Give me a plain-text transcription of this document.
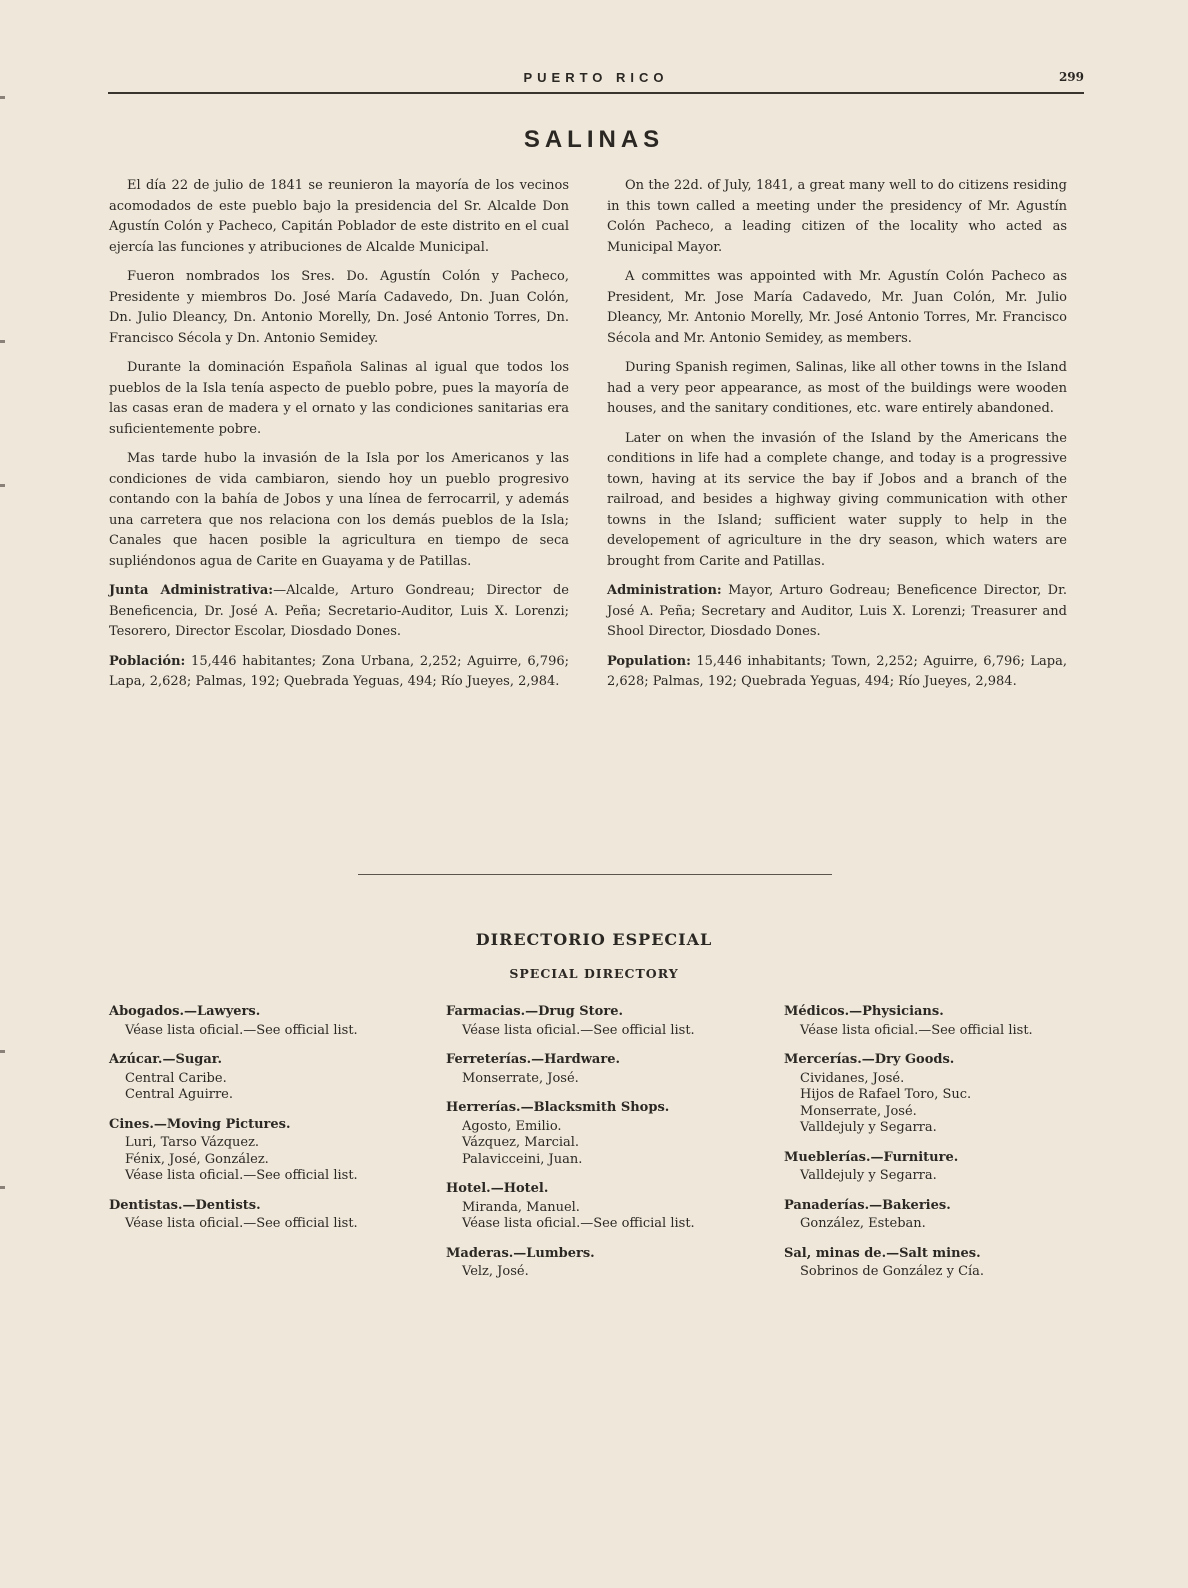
PUERTO RICO	299
SALINAS

El día 22 de julio de 1841 se reunieron la mayoría de los vecinos acomodados de este pueblo bajo la presidencia del Sr. Alcalde Don Agustín Colón y Pacheco, Capitán Poblador de este distrito en el cual ejercía las funciones y atribuciones de Alcalde Municipal.

Fueron nombrados los Sres. Do. Agustín Colón y Pacheco, Presidente y miembros Do. José María Cadavedo, Dn. Juan Colón, Dn. Julio Dleancy, Dn. Antonio Morelly, Dn. José Antonio Torres, Dn. Francisco Sécola y Dn. Antonio Semidey.

Durante la dominación Española Salinas al igual que todos los pueblos de la Isla tenía aspecto de pueblo pobre, pues la mayoría de las casas eran de madera y el ornato y las condiciones sanitarias era suficientemente pobre.

Mas tarde hubo la invasión de la Isla por los Americanos y las condiciones de vida cambiaron, siendo hoy un pueblo progresivo contando con la bahía de Jobos y una línea de ferrocarril, y además una carretera que nos relaciona con los demás pueblos de la Isla; Canales que hacen posible la agricultura en tiempo de seca supliéndonos agua de Carite en Guayama y de Patillas.

Junta Administrativa:—Alcalde, Arturo Gondreau; Director de Beneficencia, Dr. José A. Peña; Secretario-Auditor, Luis X. Lorenzi; Tesorero, Director Escolar, Diosdado Dones.

Población: 15,446 habitantes; Zona Urbana, 2,252; Aguirre, 6,796; Lapa, 2,628; Palmas, 192; Quebrada Yeguas, 494; Río Jueyes, 2,984.

On the 22d. of July, 1841, a great many well to do citizens residing in this town called a meeting under the presidency of Mr. Agustín Colón Pacheco, a leading citizen of the locality who acted as Municipal Mayor.

A committes was appointed with Mr. Agustín Colón Pacheco as President, Mr. Jose María Cadavedo, Mr. Juan Colón, Mr. Julio Dleancy, Mr. Antonio Morelly, Mr. José Antonio Torres, Mr. Francisco Sécola and Mr. Antonio Semidey, as members.

During Spanish regimen, Salinas, like all other towns in the Island had a very peor appearance, as most of the buildings were wooden houses, and the sanitary conditiones, etc. ware entirely abandoned.

Later on when the invasión of the Island by the Americans the conditions in life had a complete change, and today is a progressive town, having at its service the bay if Jobos and a branch of the railroad, and besides a highway giving communication with other towns in the Island; sufficient water supply to help in the developement of agriculture in the dry season, which waters are brought from Carite and Patillas.

Administration: Mayor, Arturo Godreau; Beneficence Director, Dr. José A. Peña; Secretary and Auditor, Luis X. Lorenzi; Treasurer and Shool Director, Diosdado Dones.

Population: 15,446 inhabitants; Town, 2,252; Aguirre, 6,796; Lapa, 2,628; Palmas, 192; Quebrada Yeguas, 494; Río Jueyes, 2,984.

DIRECTORIO ESPECIAL
SPECIAL DIRECTORY
Abogados.—Lawyers.
Véase lista oficial.—See official list.
Azúcar.—Sugar.
Central Caribe.
Central Aguirre.
Cines.—Moving Pictures.
Luri, Tarso Vázquez.
Fénix, José, González.
Véase lista oficial.—See official list.
Dentistas.—Dentists.
Véase lista oficial.—See official list.
Farmacias.—Drug Store.
Véase lista oficial.—See official list.
Ferreterías.—Hardware.
Monserrate, José.
Herrerías.—Blacksmith Shops.
Agosto, Emilio.
Vázquez, Marcial.
Palavicceini, Juan.
Hotel.—Hotel.
Miranda, Manuel.
Véase lista oficial.—See official list.
Maderas.—Lumbers.
Velz, José.
Médicos.—Physicians.
Véase lista oficial.—See official list.
Mercerías.—Dry Goods.
Cividanes, José.
Hijos de Rafael Toro, Suc.
Monserrate, José.
Valldejuly y Segarra.
Mueblerías.—Furniture.
Valldejuly y Segarra.
Panaderías.—Bakeries.
González, Esteban.
Sal, minas de.—Salt mines.
Sobrinos de González y Cía.
